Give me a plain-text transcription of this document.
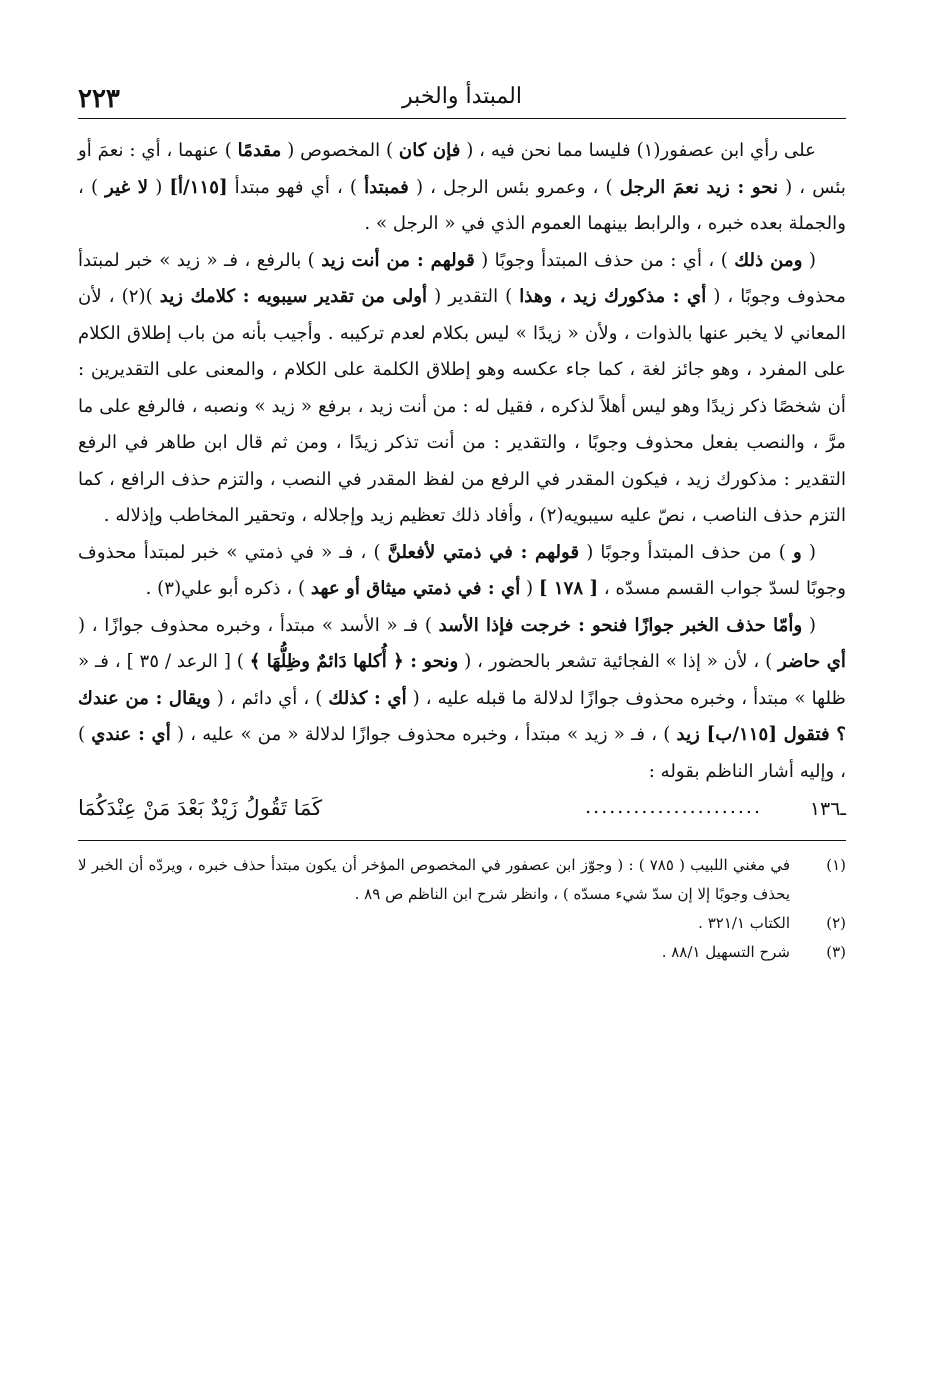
٢٢٣	المبتدأ والخبر

على رأي ابن عصفور(١) فليسا مما نحن فيه ، ( فإن كان ) المخصوص ( مقدمًا ) عنهما ، أي : نعمَ أو بئس ، ( نحو : زيد نعمَ الرجل ) ، وعمرو بئس الرجل ، ( فمبتدأ ) ، أي فهو مبتدأ [١١٥/أ] ( لا غير ) ، والجملة بعده خبره ، والرابط بينهما العموم الذي في « الرجل » .

( ومن ذلك ) ، أي : من حذف المبتدأ وجوبًا ( قولهم : من أنت زيد ) بالرفع ، فـ « زيد » خبر لمبتدأ محذوف وجوبًا ، ( أي : مذكورك زيد ، وهذا ) التقدير ( أولى من تقدير سيبويه : كلامك زيد )(٢) ، لأن المعاني لا يخبر عنها بالذوات ، ولأن « زيدًا » ليس بكلام لعدم تركيبه . وأجيب بأنه من باب إطلاق الكلام على المفرد ، وهو جائز لغة ، كما جاء عكسه وهو إطلاق الكلمة على الكلام ، والمعنى على التقديرين : أن شخصًا ذكر زيدًا وهو ليس أهلاً لذكره ، فقيل له : من أنت زيد ، برفع « زيد » ونصبه ، فالرفع على ما مرَّ ، والنصب بفعل محذوف وجوبًا ، والتقدير : من أنت تذكر زيدًا ، ومن ثم قال ابن طاهر في الرفع التقدير : مذكورك زيد ، فيكون المقدر في الرفع من لفظ المقدر في النصب ، والتزم حذف الرافع ، كما التزم حذف الناصب ، نصّ عليه سيبويه(٢) ، وأفاد ذلك تعظيم زيد وإجلاله ، وتحقير المخاطب وإذلاله .

( و ) من حذف المبتدأ وجوبًا ( قولهم : في ذمتي لأفعلنَّ ) ، فـ « في ذمتي » خبر لمبتدأ محذوف وجوبًا لسدّ جواب القسم مسدّه ، [ ١٧٨ ] ( أي : في ذمتي ميثاق أو عهد ) ، ذكره أبو علي(٣) .

( وأمّا حذف الخبر جوازًا فنحو : خرجت فإذا الأسد ) فـ « الأسد » مبتدأ ، وخبره محذوف جوازًا ، ( أي حاضر ) ، لأن « إذا » الفجائية تشعر بالحضور ، ( ونحو : ﴿ أُكلها دَائمٌ وظِلُّهَا ﴾ ) [ الرعد / ٣٥ ] ، فـ « ظلها » مبتدأ ، وخبره محذوف جوازًا لدلالة ما قبله عليه ، ( أي : كذلك ) ، أي دائم ، ( ويقال : من عندك ؟ فتقول [١١٥/ب] زيد ) ، فـ « زيد » مبتدأ ، وخبره محذوف جوازًا لدلالة « من » عليه ، ( أي : عندي ) ، وإليه أشار الناظم بقوله :

١٣٦ـ
......................
كَمَا تَقُولُ زَيْدٌ بَعْدَ مَنْ عِنْدَكُمَا
(١)
في مغني اللبيب ( ٧٨٥ ) : ( وجوّز ابن عصفور في المخصوص المؤخر أن يكون مبتدأ حذف خبره ، ويردّه أن الخبر لا يحذف وجوبًا إلا إن سدّ شيء مسدّه ) ، وانظر شرح ابن الناظم ص ٨٩ .
(٢)
الكتاب ٣٢١/١ .
(٣)
شرح التسهيل ٨٨/١ .
